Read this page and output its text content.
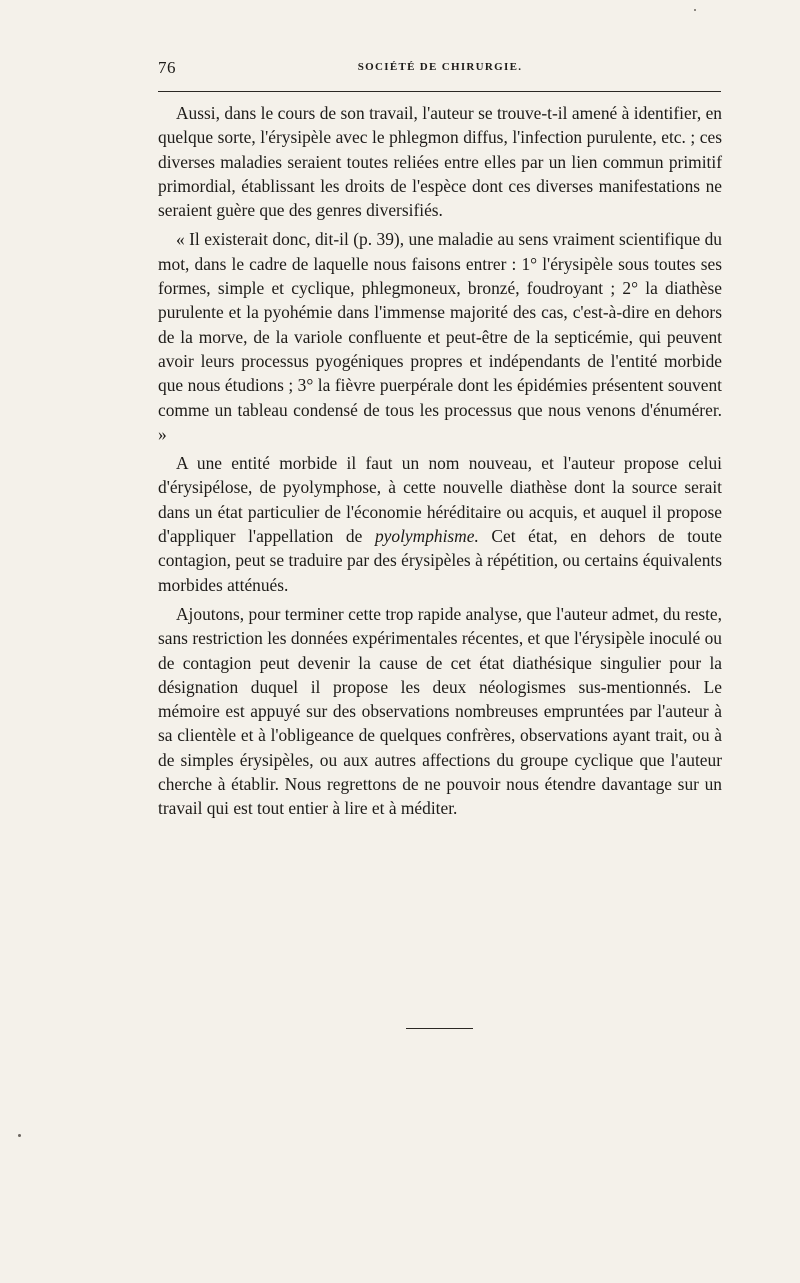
76	SOCIÉTÉ DE CHIRURGIE.

Aussi, dans le cours de son travail, l'auteur se trouve-t-il amené à identifier, en quelque sorte, l'érysipèle avec le phlegmon diffus, l'infection purulente, etc. ; ces diverses maladies seraient toutes reliées entre elles par un lien commun primitif primordial, établissant les droits de l'espèce dont ces diverses manifestations ne seraient guère que des genres diversifiés.

« Il existerait donc, dit-il (p. 39), une maladie au sens vraiment scientifique du mot, dans le cadre de laquelle nous faisons entrer : 1° l'érysipèle sous toutes ses formes, simple et cyclique, phlegmoneux, bronzé, foudroyant ; 2° la diathèse purulente et la pyohémie dans l'immense majorité des cas, c'est-à-dire en dehors de la morve, de la variole confluente et peut-être de la septicémie, qui peuvent avoir leurs processus pyogéniques propres et indépendants de l'entité morbide que nous étudions ; 3° la fièvre puerpérale dont les épidémies présentent souvent comme un tableau condensé de tous les processus que nous venons d'énumérer. »

A une entité morbide il faut un nom nouveau, et l'auteur propose celui d'érysipélose, de pyolymphose, à cette nouvelle diathèse dont la source serait dans un état particulier de l'économie héréditaire ou acquis, et auquel il propose d'appliquer l'appellation de pyolymphisme. Cet état, en dehors de toute contagion, peut se traduire par des érysipèles à répétition, ou certains équivalents morbides atténués.

Ajoutons, pour terminer cette trop rapide analyse, que l'auteur admet, du reste, sans restriction les données expérimentales récentes, et que l'érysipèle inoculé ou de contagion peut devenir la cause de cet état diathésique singulier pour la désignation duquel il propose les deux néologismes sus-mentionnés. Le mémoire est appuyé sur des observations nombreuses empruntées par l'auteur à sa clientèle et à l'obligeance de quelques confrères, observations ayant trait, ou à de simples érysipèles, ou aux autres affections du groupe cyclique que l'auteur cherche à établir. Nous regrettons de ne pouvoir nous étendre davantage sur un travail qui est tout entier à lire et à méditer.
